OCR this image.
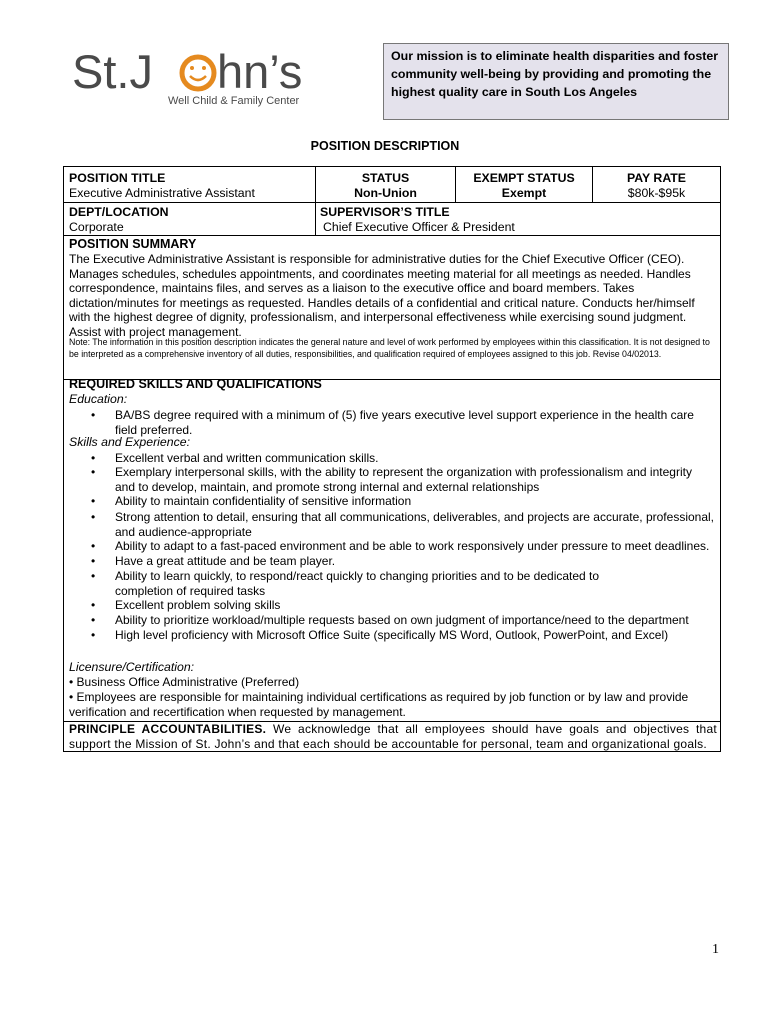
St.J hn’s
Well Child & Family Center
Our mission is to eliminate health disparities and foster community well-being by providing and promoting the highest quality care in South Los Angeles
POSITION DESCRIPTION
POSITION TITLE
Executive Administrative Assistant
STATUS
Non-Union
EXEMPT STATUS
Exempt
PAY RATE
$80k-$95k
DEPT/LOCATION
Corporate
SUPERVISOR’S TITLE
Chief Executive Officer & President
POSITION SUMMARY
The Executive Administrative Assistant is responsible for administrative duties for the Chief Executive Officer (CEO). Manages schedules, schedules appointments, and coordinates meeting material for all meetings as needed. Handles correspondence, maintains files, and serves as a liaison to the executive office and board members. Takes dictation/minutes for meetings as requested. Handles details of a confidential and critical nature. Conducts her/himself with the highest degree of dignity, professionalism, and interpersonal effectiveness while exercising sound judgment. Assist with project management.
Note: The information in this position description indicates the general nature and level of work performed by employees within this classification. It is not designed to be interpreted as a comprehensive inventory of all duties, responsibilities, and qualification required of employees assigned to this job. Revise 04/02013.
REQUIRED SKILLS AND QUALIFICATIONS
Education:
• BA/BS degree required with a minimum of (5) five years executive level support experience in the health care field preferred.
Skills and Experience:
• Excellent verbal and written communication skills.
• Exemplary interpersonal skills, with the ability to represent the organization with professionalism and integrity and to develop, maintain, and promote strong internal and external relationships
• Ability to maintain confidentiality of sensitive information
• Strong attention to detail, ensuring that all communications, deliverables, and projects are accurate, professional, and audience-appropriate
• Ability to adapt to a fast-paced environment and be able to work responsively under pressure to meet deadlines.
• Have a great attitude and be team player.
• Ability to learn quickly, to respond/react quickly to changing priorities and to be dedicated to completion of required tasks
• Excellent problem solving skills
• Ability to prioritize workload/multiple requests based on own judgment of importance/need to the department
• High level proficiency with Microsoft Office Suite (specifically MS Word, Outlook, PowerPoint, and Excel)
Licensure/Certification:
• Business Office Administrative (Preferred)
• Employees are responsible for maintaining individual certifications as required by job function or by law and provide verification and recertification when requested by management.
PRINCIPLE ACCOUNTABILITIES. We acknowledge that all employees should have goals and objectives that support the Mission of St. John’s and that each should be accountable for personal, team and organizational goals.
1
